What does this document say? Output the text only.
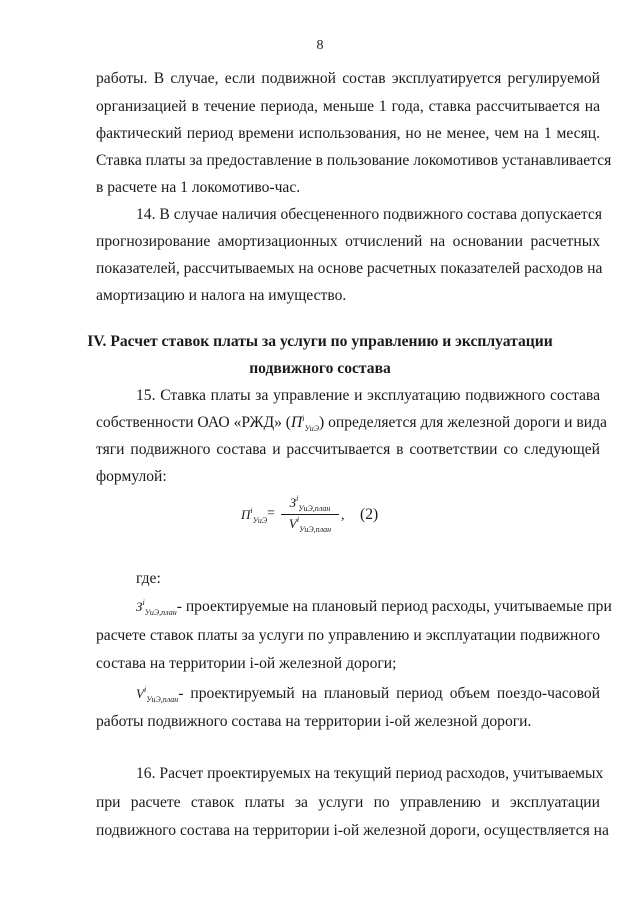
8
работы. В случае, если подвижной состав эксплуатируется регулируемой
организацией в течение периода, меньше 1 года, ставка рассчитывается на
фактический период времени использования, но не менее, чем на 1 месяц.
Ставка платы за предоставление в пользование локомотивов устанавливается
в расчете на 1 локомотиво-час.
14. В случае наличия обесцененного подвижного состава допускается
прогнозирование амортизационных отчислений на основании расчетных
показателей, рассчитываемых на основе расчетных показателей расходов на
амортизацию и налога на имущество.
IV. Расчет ставок платы за услуги по управлению и эксплуатации
подвижного состава
15. Ставка платы за управление и эксплуатацию подвижного состава
собственности ОАО «РЖД» $(П^i_{УиЭ})$ определяется для железной дороги и вида
тяги подвижного состава и рассчитывается в соответствии со следующей
формулой:
$П^i_{УиЭ}$ =
$З^i_{УиЭ,план}$
$V^i_{УиЭ,план}$
, (2)
где:
$З^i_{УиЭ,план}-$ проектируемые на плановый период расходы, учитываемые при
расчете ставок платы за услуги по управлению и эксплуатации подвижного
состава на территории i-ой железной дороги;
$V^i_{УиЭ,план}-$ проектируемый на плановый период объем поездо-часовой
работы подвижного состава на территории i-ой железной дороги.
16. Расчет проектируемых на текущий период расходов, учитываемых
при расчете ставок платы за услуги по управлению и эксплуатации
подвижного состава на территории i-ой железной дороги, осуществляется на
